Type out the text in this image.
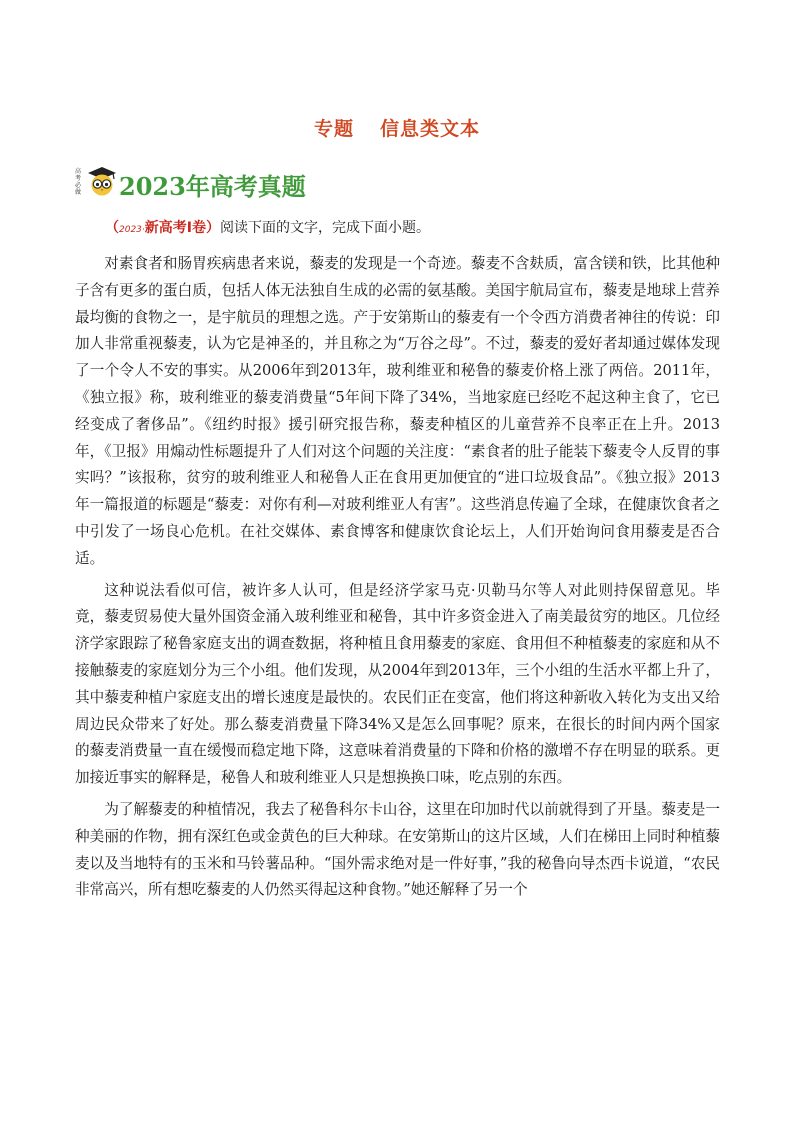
专题 信息类文本
高考必做 2023年高考真题
（2023·新高考Ⅰ卷）阅读下面的文字，完成下面小题。

对素食者和肠胃疾病患者来说，藜麦的发现是一个奇迹。藜麦不含麸质，富含镁和铁，比其他种子含有更多的蛋白质，包括人体无法独自生成的必需的氨基酸。美国宇航局宣布，藜麦是地球上营养最均衡的食物之一，是宇航员的理想之选。产于安第斯山的藜麦有一个令西方消费者神往的传说：印加人非常重视藜麦，认为它是神圣的，并且称之为“万谷之母”。不过，藜麦的爱好者却通过媒体发现了一个令人不安的事实。从2006年到2013年，玻利维亚和秘鲁的藜麦价格上涨了两倍。2011年，《独立报》称，玻利维亚的藜麦消费量“5年间下降了34%，当地家庭已经吃不起这种主食了，它已经变成了奢侈品”。《纽约时报》援引研究报告称，藜麦种植区的儿童营养不良率正在上升。2013年，《卫报》用煽动性标题提升了人们对这个问题的关注度：“素食者的肚子能装下藜麦令人反胃的事实吗？”该报称，贫穷的玻利维亚人和秘鲁人正在食用更加便宜的“进口垃圾食品”。《独立报》2013年一篇报道的标题是“藜麦：对你有利—对玻利维亚人有害”。这些消息传遍了全球，在健康饮食者之中引发了一场良心危机。在社交媒体、素食博客和健康饮食论坛上，人们开始询问食用藜麦是否合适。

这种说法看似可信，被许多人认可，但是经济学家马克·贝勒马尔等人对此则持保留意见。毕竟，藜麦贸易使大量外国资金涌入玻利维亚和秘鲁，其中许多资金进入了南美最贫穷的地区。几位经济学家跟踪了秘鲁家庭支出的调查数据，将种植且食用藜麦的家庭、食用但不种植藜麦的家庭和从不接触藜麦的家庭划分为三个小组。他们发现，从2004年到2013年，三个小组的生活水平都上升了，其中藜麦种植户家庭支出的增长速度是最快的。农民们正在变富，他们将这种新收入转化为支出又给周边民众带来了好处。那么藜麦消费量下降34%又是怎么回事呢？原来，在很长的时间内两个国家的藜麦消费量一直在缓慢而稳定地下降，这意味着消费量的下降和价格的激增不存在明显的联系。更加接近事实的解释是，秘鲁人和玻利维亚人只是想换换口味，吃点别的东西。

为了解藜麦的种植情况，我去了秘鲁科尔卡山谷，这里在印加时代以前就得到了开垦。藜麦是一种美丽的作物，拥有深红色或金黄色的巨大种球。在安第斯山的这片区域，人们在梯田上同时种植藜麦以及当地特有的玉米和马铃薯品种。“国外需求绝对是一件好事，”我的秘鲁向导杰西卡说道，“农民非常高兴，所有想吃藜麦的人仍然买得起这种食物。”她还解释了另一个
